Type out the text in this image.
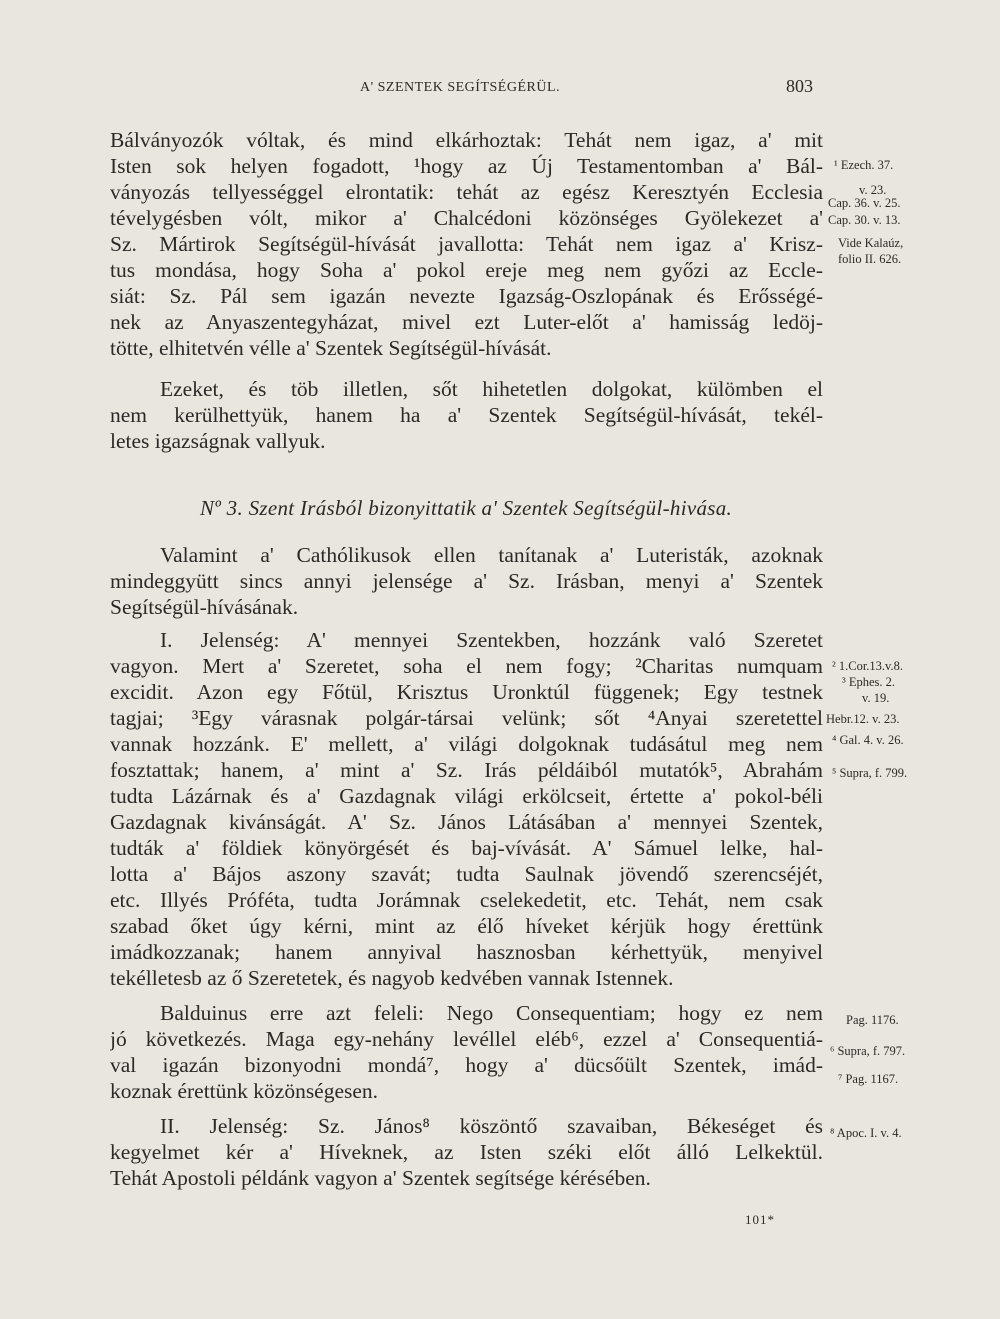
A' SZENTEK SEGÍTSÉGÉRÜL.	803
Bálványozók vóltak, és mind elkárhoztak: Tehát nem igaz, a' mit
Isten sok helyen fogadott, ¹hogy az Új Testamentomban a' Bál-
ványozás tellyességgel elrontatik: tehát az egész Keresztyén Ecclesia
tévelygésben vólt, mikor a' Chalcédoni közönséges Gyölekezet a'
Sz. Mártirok Segítségül-hívását javallotta: Tehát nem igaz a' Krisz-
tus mondása, hogy Soha a' pokol ereje meg nem győzi az Eccle-
siát: Sz. Pál sem igazán nevezte Igazság-Oszlopának és Erősségé-
nek az Anyaszentegyházat, mivel ezt Luter-előt a' hamisság ledöj-
tötte, elhitetvén vélle a' Szentek Segítségül-hívását.
Ezeket, és töb illetlen, sőt hihetetlen dolgokat, külömben el
nem kerülhettyük, hanem ha a' Szentek Segítségül-hívását, tekél-
letes igazságnak vallyuk.
Nº 3. Szent Irásból bizonyittatik a' Szentek Segítségül-hivása.
Valamint a' Cathólikusok ellen tanítanak a' Luteristák, azoknak
mindeggyütt sincs annyi jelensége a' Sz. Irásban, menyi a' Szentek
Segítségül-hívásának.
I. Jelenség: A' mennyei Szentekben, hozzánk való Szeretet
vagyon. Mert a' Szeretet, soha el nem fogy; ²Charitas numquam
excidit. Azon egy Főtül, Krisztus Uronktúl függenek; Egy testnek
tagjai; ³Egy várasnak polgár-társai velünk; sőt ⁴Anyai szeretettel
vannak hozzánk. E' mellett, a' világi dolgoknak tudásátul meg nem
fosztattak; hanem, a' mint a' Sz. Irás példáiból mutatók⁵, Abrahám
tudta Lázárnak és a' Gazdagnak világi erkölcseit, értette a' pokol-béli
Gazdagnak kivánságát. A' Sz. János Látásában a' mennyei Szentek,
tudták a' földiek könyörgését és baj-vívását. A' Sámuel lelke, hal-
lotta a' Bájos aszony szavát; tudta Saulnak jövendő szerencséjét,
etc. Illyés Próféta, tudta Jorámnak cselekedetit, etc. Tehát, nem csak
szabad őket úgy kérni, mint az élő híveket kérjük hogy érettünk
imádkozzanak; hanem annyival hasznosban kérhettyük, menyivel
tekélletesb az ő Szeretetek, és nagyob kedvében vannak Istennek.
Balduinus erre azt feleli: Nego Consequentiam; hogy ez nem
jó következés. Maga egy-nehány levéllel eléb⁶, ezzel a' Consequentiá-
val igazán bizonyodni mondá⁷, hogy a' dücsőült Szentek, imád-
koznak érettünk közönségesen.
II. Jelenség: Sz. János⁸ köszöntő szavaiban, Békeséget és
kegyelmet kér a' Híveknek, az Isten széki előt álló Lelkektül.
Tehát Apostoli példánk vagyon a' Szentek segítsége kérésében.
¹ Ezech. 37.
v. 23.
Cap. 36. v. 25.
Cap. 30. v. 13.
Vide Kalaúz,
folio II. 626.
² 1.Cor.13.v.8.
³ Ephes. 2.
v. 19.
Hebr.12. v. 23.
⁴ Gal. 4. v. 26.
⁵ Supra, f. 799.
Pag. 1176.
⁶ Supra, f. 797.
⁷ Pag. 1167.
⁸ Apoc. I. v. 4.
101*
